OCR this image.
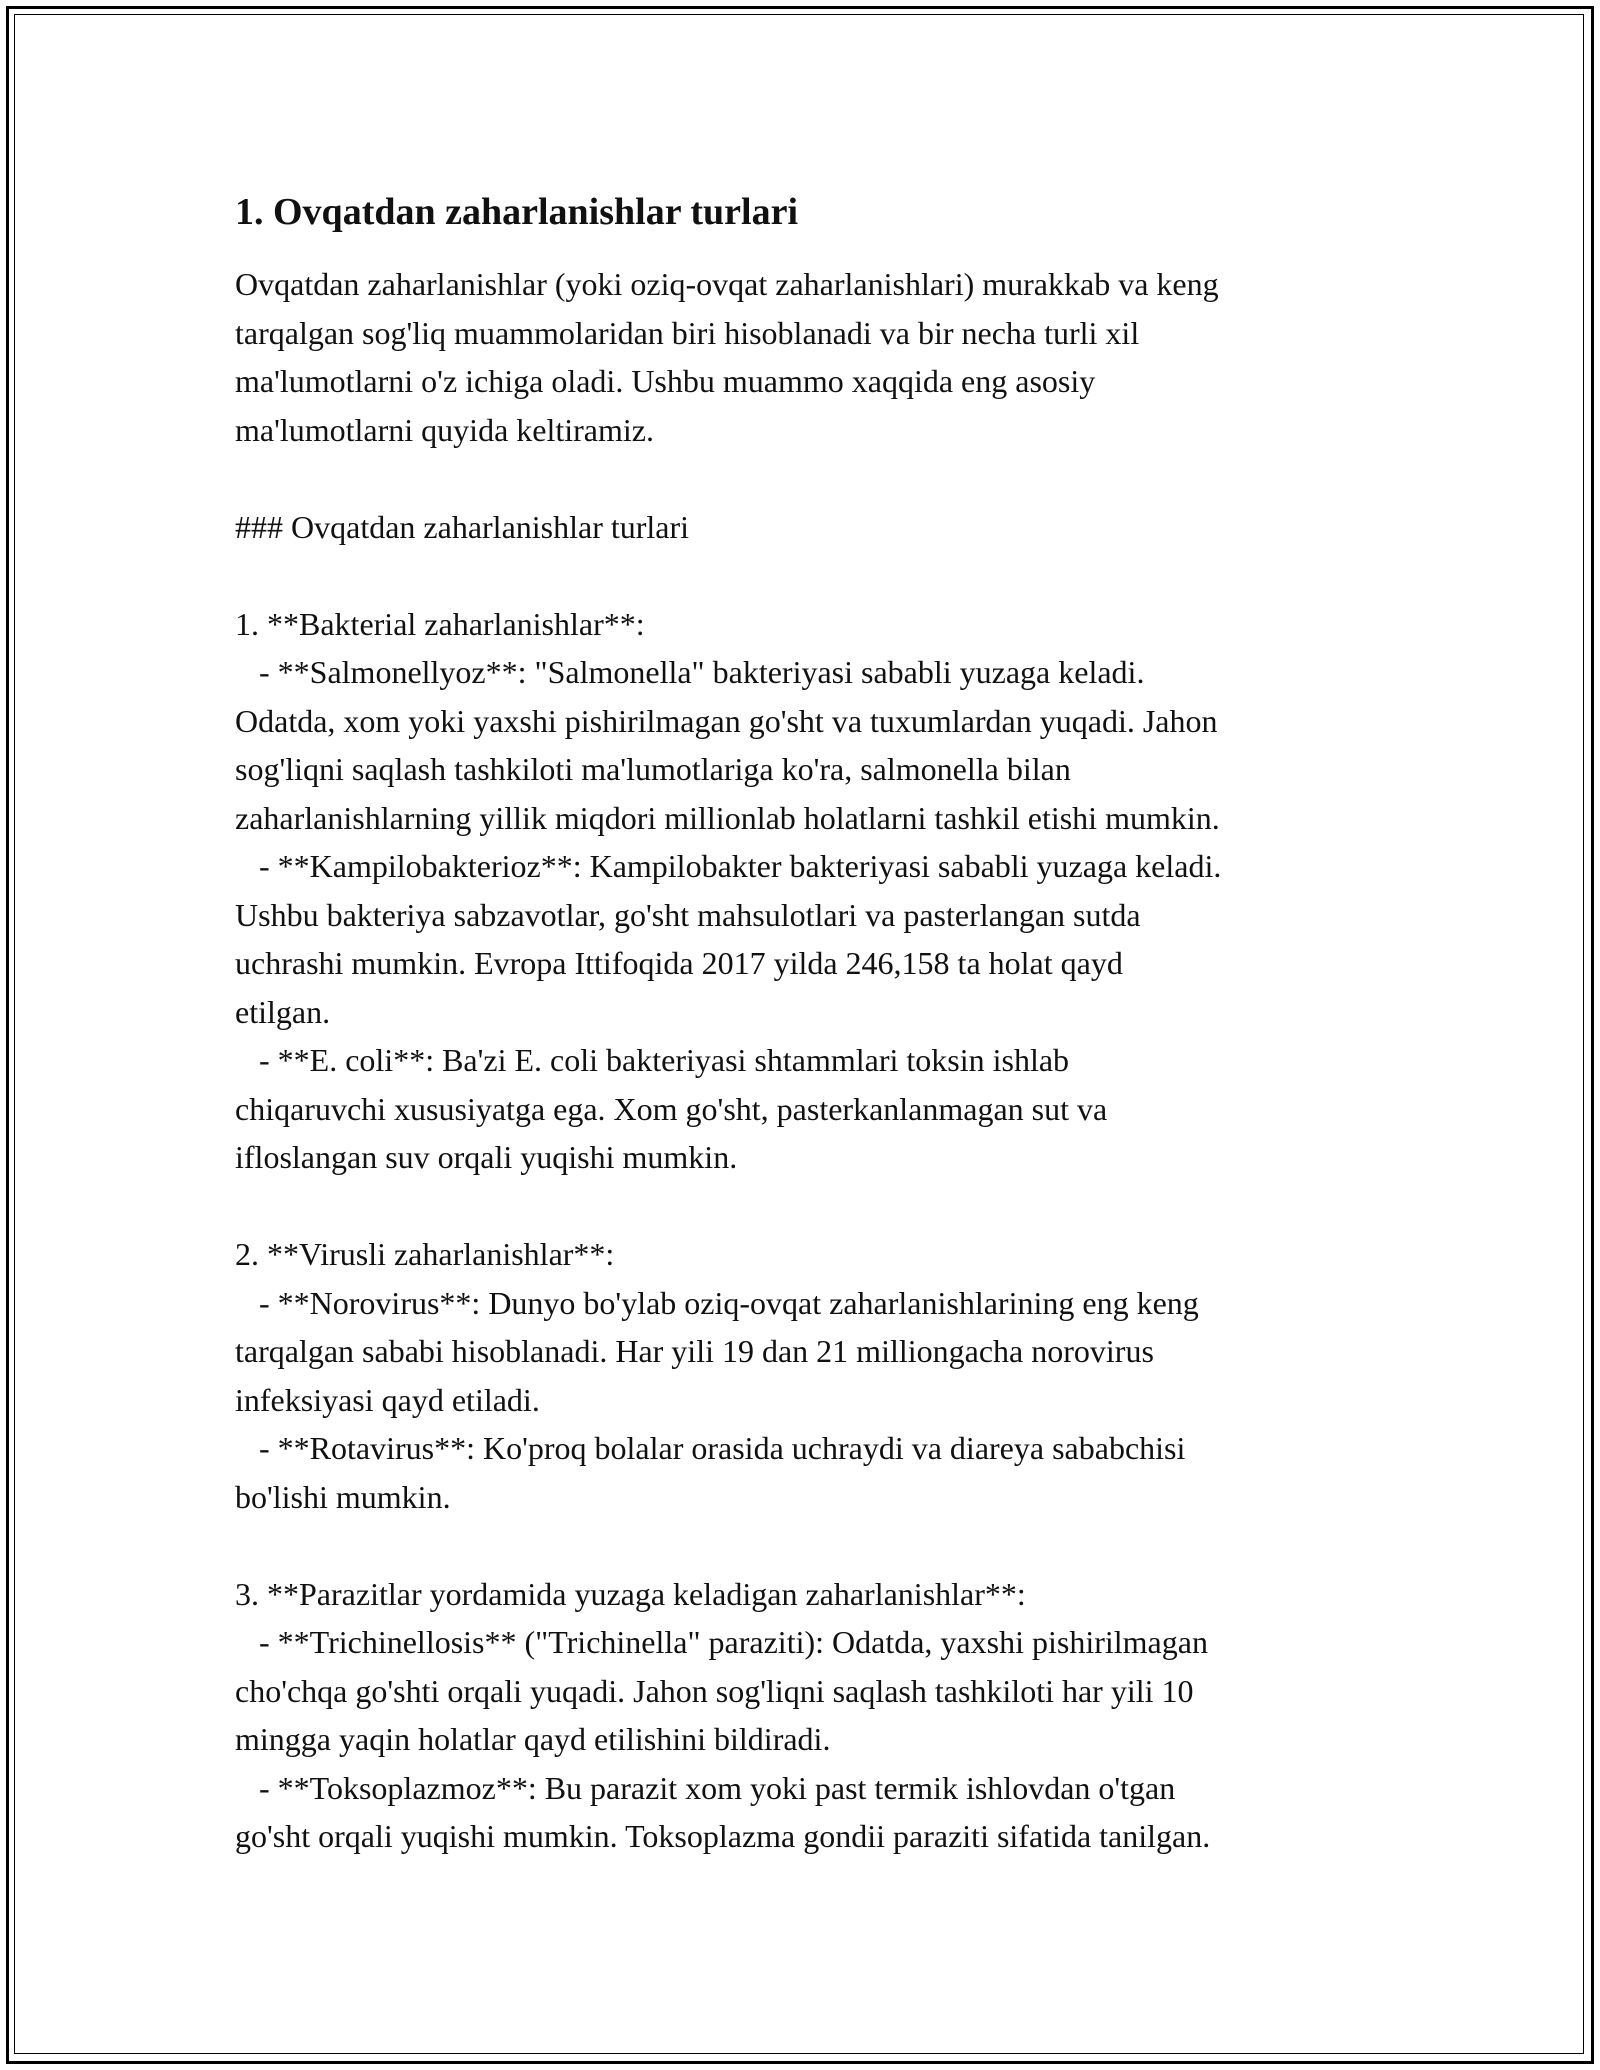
1. Ovqatdan zaharlanishlar turlari

Ovqatdan zaharlanishlar (yoki oziq-ovqat zaharlanishlari) murakkab va keng
tarqalgan sog'liq muammolaridan biri hisoblanadi va bir necha turli xil
ma'lumotlarni o'z ichiga oladi. Ushbu muammo xaqqida eng asosiy
ma'lumotlarni quyida keltiramiz.

### Ovqatdan zaharlanishlar turlari

1. **Bakterial zaharlanishlar**:

- **Salmonellyoz**: "Salmonella" bakteriyasi sababli yuzaga keladi.
Odatda, xom yoki yaxshi pishirilmagan go'sht va tuxumlardan yuqadi. Jahon
sog'liqni saqlash tashkiloti ma'lumotlariga ko'ra, salmonella bilan
zaharlanishlarning yillik miqdori millionlab holatlarni tashkil etishi mumkin.

- **Kampilobakterioz**: Kampilobakter bakteriyasi sababli yuzaga keladi.
Ushbu bakteriya sabzavotlar, go'sht mahsulotlari va pasterlangan sutda
uchrashi mumkin. Evropa Ittifoqida 2017 yilda 246,158 ta holat qayd
etilgan.

- **E. coli**: Ba'zi E. coli bakteriyasi shtammlari toksin ishlab
chiqaruvchi xususiyatga ega. Xom go'sht, pasterkanlanmagan sut va
ifloslangan suv orqali yuqishi mumkin.

2. **Virusli zaharlanishlar**:

- **Norovirus**: Dunyo bo'ylab oziq-ovqat zaharlanishlarining eng keng
tarqalgan sababi hisoblanadi. Har yili 19 dan 21 milliongacha norovirus
infeksiyasi qayd etiladi.

- **Rotavirus**: Ko'proq bolalar orasida uchraydi va diareya sababchisi
bo'lishi mumkin.

3. **Parazitlar yordamida yuzaga keladigan zaharlanishlar**:

- **Trichinellosis** ("Trichinella" paraziti): Odatda, yaxshi pishirilmagan
cho'chqa go'shti orqali yuqadi. Jahon sog'liqni saqlash tashkiloti har yili 10
mingga yaqin holatlar qayd etilishini bildiradi.

- **Toksoplazmoz**: Bu parazit xom yoki past termik ishlovdan o'tgan
go'sht orqali yuqishi mumkin. Toksoplazma gondii paraziti sifatida tanilgan.
